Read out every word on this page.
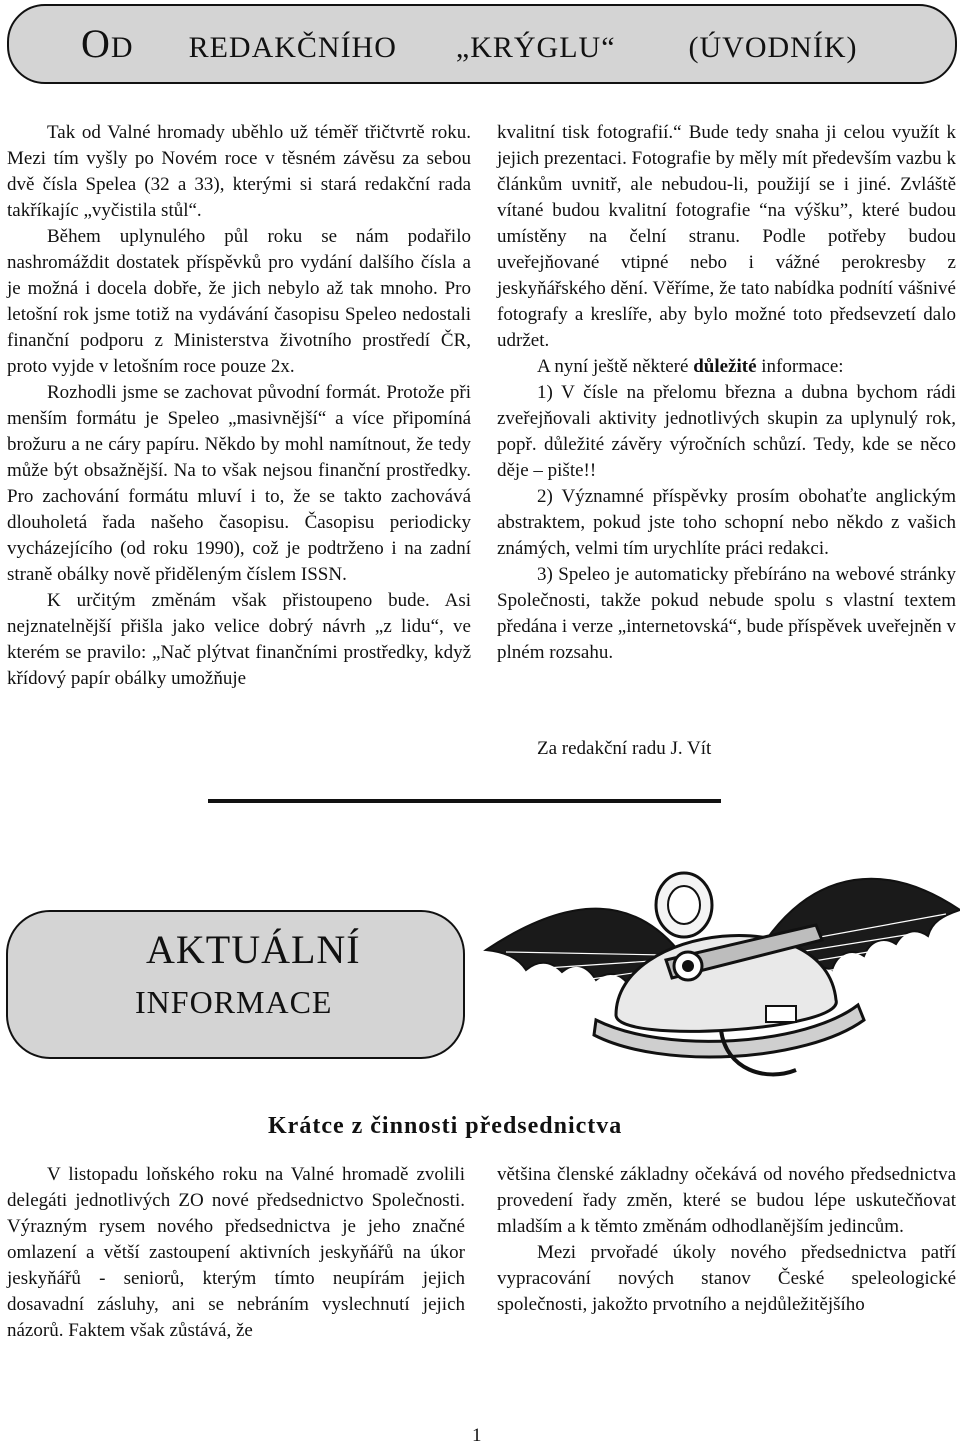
OD REDAKČNÍHO „KRÝGLU“ (ÚVODNÍK)

Tak od Valné hromady uběhlo už téměř třičtvrtě roku. Mezi tím vyšly po Novém roce v těsném závěsu za sebou dvě čísla Spelea (32 a 33), kterými si stará redakční rada takříkajíc „vyčistila stůl“.

Během uplynulého půl roku se nám podařilo nashromáždit dostatek příspěvků pro vydání dalšího čísla a je možná i docela dobře, že jich nebylo až tak mnoho. Pro letošní rok jsme totiž na vydávání časopisu Speleo nedostali finanční podporu z Ministerstva životního prostředí ČR, proto vyjde v letošním roce pouze 2x.

Rozhodli jsme se zachovat původní formát. Protože při menším formátu je Speleo „masivnější“ a více připomíná brožuru a ne cáry papíru. Někdo by mohl namítnout, že tedy může být obsažnější. Na to však nejsou finanční prostředky. Pro zachování formátu mluví i to, že se takto zachovává dlouholetá řada našeho časopisu. Časopisu periodicky vycházejícího (od roku 1990), což je podtrženo i na zadní straně obálky nově přiděleným číslem ISSN.

K určitým změnám však přistoupeno bude. Asi nejznatelnější přišla jako velice dobrý návrh „z lidu“, ve kterém se pravilo: „Nač plýtvat finančními prostředky, když křídový papír obálky umožňuje

kvalitní tisk fotografií.“ Bude tedy snaha ji celou využít k jejich prezentaci. Fotografie by měly mít především vazbu k článkům uvnitř, ale nebudou-li, použijí se i jiné. Zvláště vítané budou kvalitní fotografie “na výšku”, které budou umístěny na čelní stranu. Podle potřeby budou uveřejňované vtipné nebo i vážné perokresby z jeskyňářského dění. Věříme, že tato nabídka podnítí vášnivé fotografy a kreslíře, aby bylo možné toto předsevzetí dalo udržet.

A nyní ještě některé důležité informace:

1) V čísle na přelomu března a dubna bychom rádi zveřejňovali aktivity jednotlivých skupin za uplynulý rok, popř. důležité závěry výročních schůzí. Tedy, kde se něco děje – pište!!

2) Významné příspěvky prosím obohaťte anglickým abstraktem, pokud jste toho schopní nebo někdo z vašich známých, velmi tím urychlíte práci redakci.

3) Speleo je automaticky přebíráno na webové stránky Společnosti, takže pokud nebude spolu s vlastní textem předána i verze „internetovská“, bude příspěvek uveřejněn v plném rozsahu.

Za redakční radu J. Vít
AKTUÁLNÍ
INFORMACE
Krátce z činnosti předsednictva

V listopadu loňského roku na Valné hromadě zvolili delegáti jednotlivých ZO nové předsednictvo Společnosti. Výrazným rysem nového předsednictva je jeho značné omlazení a větší zastoupení aktivních jeskyňářů na úkor jeskyňářů - seniorů, kterým tímto neupírám jejich dosavadní zásluhy, ani se nebráním vyslechnutí jejich názorů. Faktem však zůstává, že

většina členské základny očekává od nového předsednictva provedení řady změn, které se budou lépe uskutečňovat mladším a k těmto změnám odhodlanějším jedincům.

Mezi prvořadé úkoly nového předsednictva patří vypracování nových stanov České speleologické společnosti, jakožto prvotního a nejdůležitějšího

1
